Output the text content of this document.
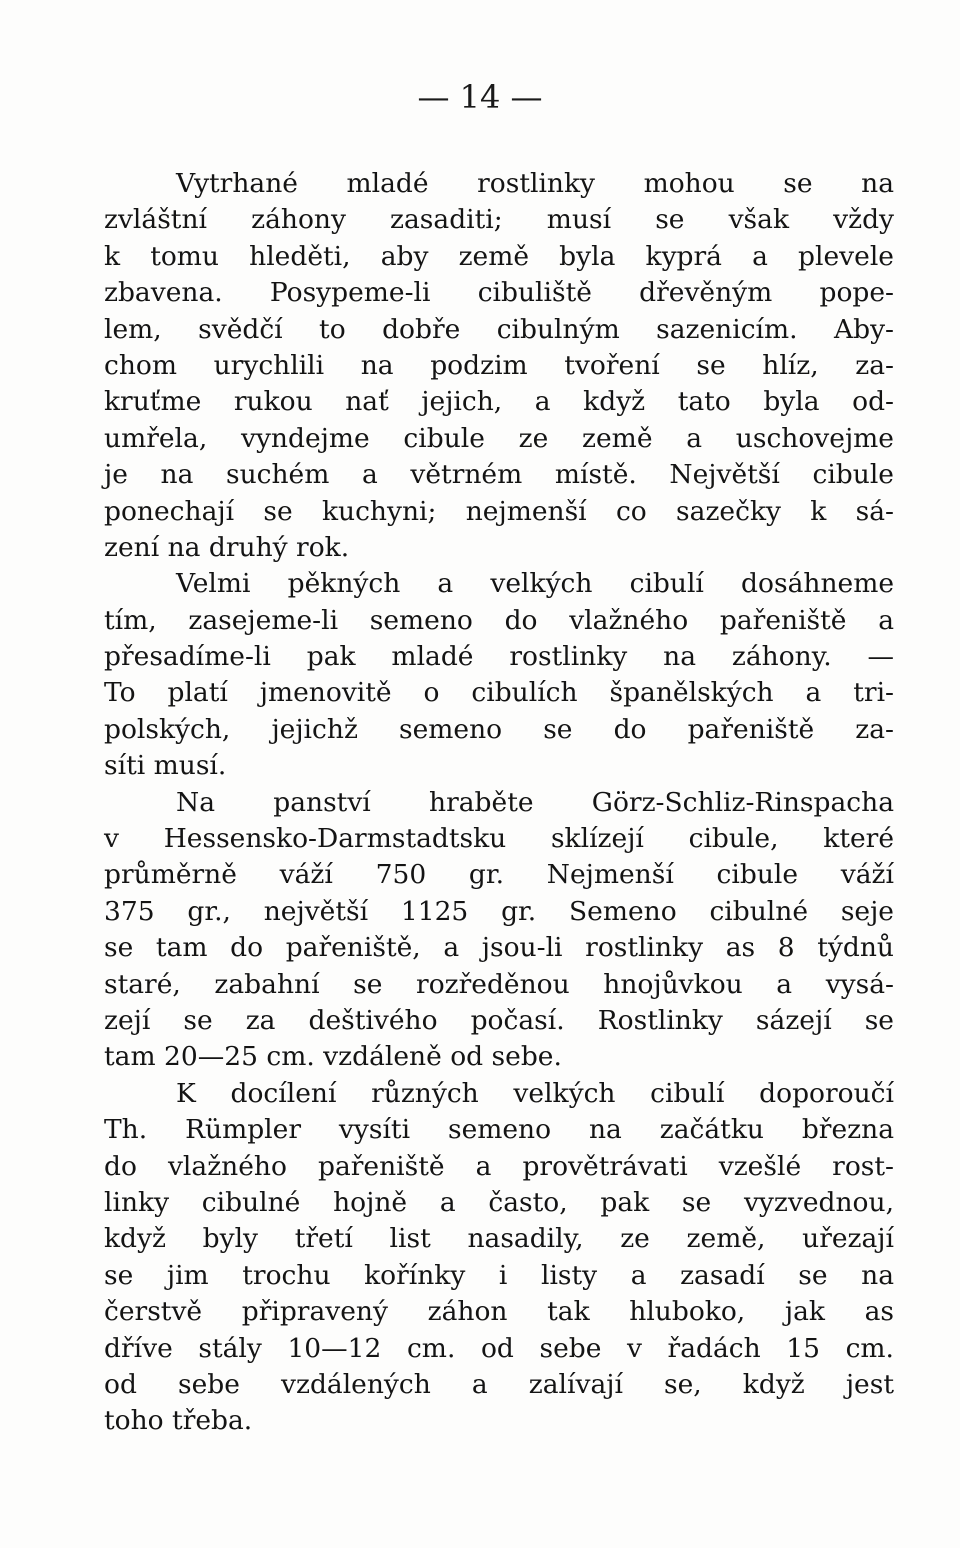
— 14 —
Vytrhané mladé rostlinky mohou se na
zvláštní záhony zasaditi; musí se však vždy
k tomu hleděti, aby země byla kyprá a plevele
zbavena. Posypeme-li cibuliště dřevěným popе-
lem, svědčí to dobře cibulným sazenicím. Aby-
chom urychlili na podzim tvoření se hlíz, za-
kruťme rukou nať jejich, a když tato byla od-
umřela, vyndejme cibule ze země a uschovejme
je na suchém a větrném místě. Největší cibule
ponechají se kuchyni; nejmenší co sazečky k sá-
zení na druhý rok.
Velmi pěkných a velkých cibulí dosáhneme
tím, zasejeme-li semeno do vlažného pařeniště a
přesadíme-li pak mladé rostlinky na záhony. —
To platí jmenovitě o cibulích španělských a tri-
polských, jejichž semeno se do pařeniště za-
síti musí.
Na panství hraběte Görz-Schliz-Rinspacha
v Hessensko-Darmstadtsku sklízejí cibule, které
průměrně váží 750 gr. Nejmenší cibule váží
375 gr., největší 1125 gr. Semeno cibulné seje
se tam do pařeniště, a jsou-li rostlinky as 8 týdnů
staré, zabahní se rozředěnou hnojůvkou a vysá-
zejí se za deštivého počasí. Rostlinky sázejí se
tam 20—25 cm. vzdáleně od sebe.
K docílení různých velkých cibulí doporoučí
Th. Rümpler vysíti semeno na začátku března
do vlažného pařeniště a provětrávati vzešlé rost-
linky cibulné hojně a často, pak se vyzvednou,
když byly třetí list nasadily, ze země, uřezají
se jim trochu kořínky i listy a zasadí se na
čerstvě připravený záhon tak hluboko, jak as
dříve stály 10—12 cm. od sebe v řadách 15 cm.
od sebe vzdálených a zalívají se, když jest
toho třeba.
